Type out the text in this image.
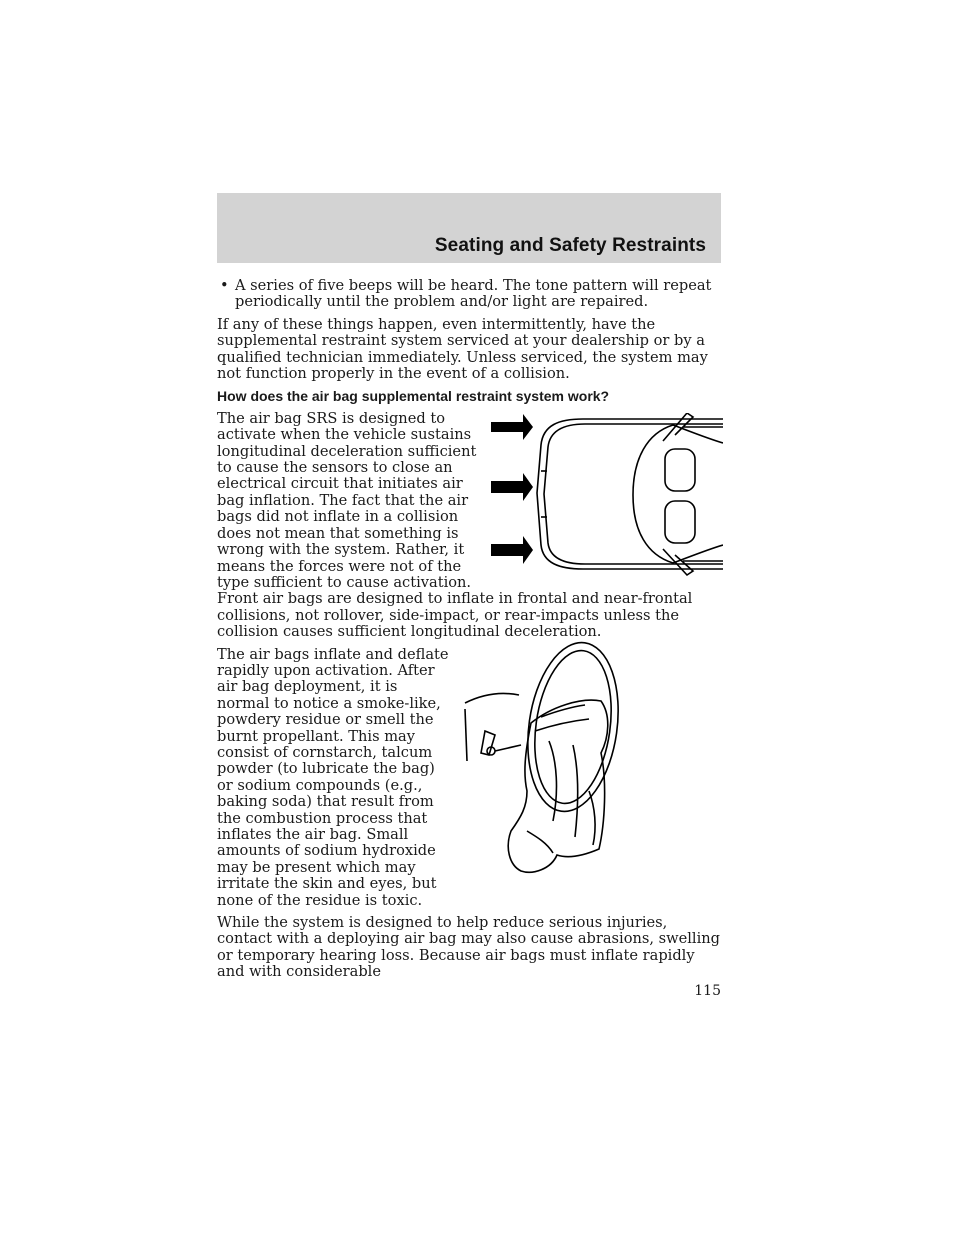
Seating and Safety Restraints
• A series of five beeps will be heard. The tone pattern will repeat periodically until the problem and/or light are repaired.

If any of these things happen, even intermittently, have the supplemental restraint system serviced at your dealership or by a qualified technician immediately. Unless serviced, the system may not function properly in the event of a collision.

How does the air bag supplemental restraint system work?

The air bag SRS is designed to activate when the vehicle sustains longitudinal deceleration sufficient to cause the sensors to close an electrical circuit that initiates air bag inflation. The fact that the air bags did not inflate in a collision does not mean that something is wrong with the system. Rather, it means the forces were not of the type sufficient to cause activation. Front air bags are designed to inflate in frontal and near-frontal collisions, not rollover, side-impact, or rear-impacts unless the collision causes sufficient longitudinal deceleration.

The air bags inflate and deflate rapidly upon activation. After air bag deployment, it is normal to notice a smoke-like, powdery residue or smell the burnt propellant. This may consist of cornstarch, talcum powder (to lubricate the bag) or sodium compounds (e.g., baking soda) that result from the combustion process that inflates the air bag. Small amounts of sodium hydroxide may be present which may irritate the skin and eyes, but none of the residue is toxic.

While the system is designed to help reduce serious injuries, contact with a deploying air bag may also cause abrasions, swelling or temporary hearing loss. Because air bags must inflate rapidly and with considerable

115
